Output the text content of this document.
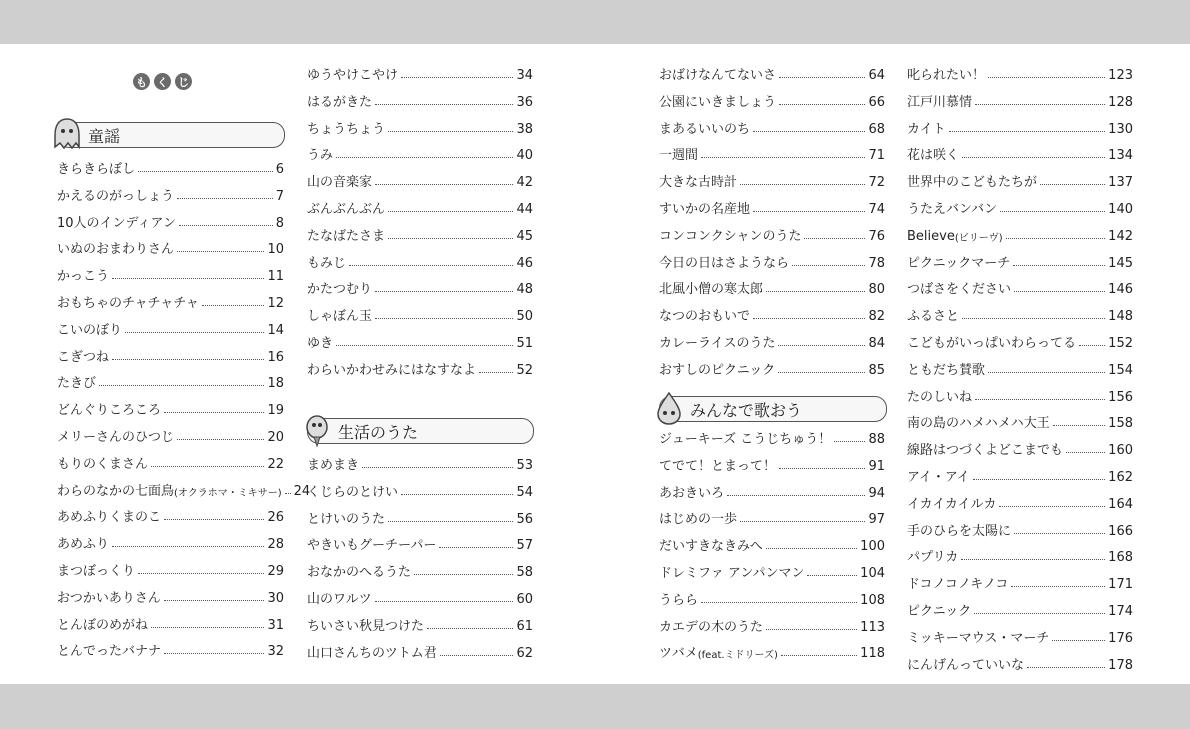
も く じ
童謡
生活のうた
みんなで歌おう
きらきらぼし	6
かえるのがっしょう	7
10人のインディアン	8
いぬのおまわりさん	10
かっこう	11
おもちゃのチャチャチャ	12
こいのぼり	14
こぎつね	16
たきび	18
どんぐりころころ	19
メリーさんのひつじ	20
もりのくまさん	22
わらのなかの七面鳥 (オクラホマ・ミキサー) 24
あめふりくまのこ	26
あめふり	28
まつぼっくり	29
おつかいありさん	30
とんぼのめがね	31
とんでったバナナ	32
ゆうやけこやけ	34
はるがきた	36
ちょうちょう	38
うみ	40
山の音楽家	42
ぶんぶんぶん	44
たなばたさま	45
もみじ	46
かたつむり	48
しゃぼん玉	50
ゆき	51
わらいかわせみにはなすなよ	52
まめまき	53
くじらのとけい	54
とけいのうた	56
やきいもグーチーパー	57
おなかのへるうた	58
山のワルツ	60
ちいさい秋見つけた	61
山口さんちのツトム君	62
おばけなんてないさ	64
公園にいきましょう	66
まあるいいのち	68
一週間	71
大きな古時計	72
すいかの名産地	74
コンコンクシャンのうた	76
今日の日はさようなら	78
北風小僧の寒太郎	80
なつのおもいで	82
カレーライスのうた	84
おすしのピクニック	85
ジューキーズ こうじちゅう！	88
てでて！とまって！	91
あおきいろ	94
はじめの一歩	97
だいすきなきみへ	100
ドレミファ アンパンマン	104
うらら	108
カエデの木のうた	113
ツバメ (feat.ミドリーズ)	118
叱られたい！	123
江戸川慕情	128
カイト	130
花は咲く	134
世界中のこどもたちが	137
うたえバンバン	140
Believe (ビリーヴ)	142
ピクニックマーチ	145
つばさをください	146
ふるさと	148
こどもがいっぱいわらってる 152
ともだち賛歌	154
たのしいね	156
南の島のハメハメハ大王	158
線路はつづくよどこまでも	160
アイ・アイ	162
イカイカイルカ	164
手のひらを太陽に	166
パプリカ	168
ドコノコノキノコ	171
ピクニック	174
ミッキーマウス・マーチ	176
にんげんっていいな	178
